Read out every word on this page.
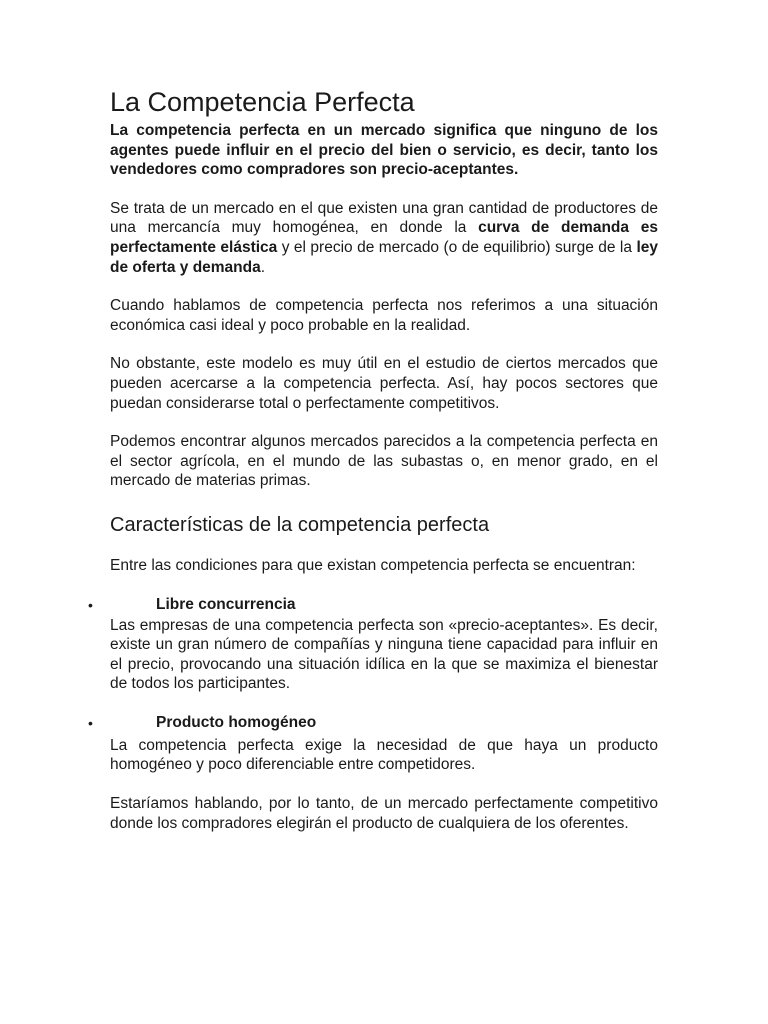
La Competencia Perfecta

La competencia perfecta en un mercado significa que ninguno de los agentes puede influir en el precio del bien o servicio, es decir, tanto los vendedores como compradores son precio-aceptantes.

Se trata de un mercado en el que existen una gran cantidad de productores de una mercancía muy homogénea, en donde la curva de demanda es perfectamente elástica y el precio de mercado (o de equilibrio) surge de la ley de oferta y demanda.

Cuando hablamos de competencia perfecta nos referimos a una situación económica casi ideal y poco probable en la realidad.

No obstante, este modelo es muy útil en el estudio de ciertos mercados que pueden acercarse a la competencia perfecta. Así, hay pocos sectores que puedan considerarse total o perfectamente competitivos.

Podemos encontrar algunos mercados parecidos a la competencia perfecta en el sector agrícola, en el mundo de las subastas o, en menor grado, en el mercado de materias primas.

Características de la competencia perfecta

Entre las condiciones para que existan competencia perfecta se encuentran:

•	Libre concurrencia

Las empresas de una competencia perfecta son «precio-aceptantes». Es decir, existe un gran número de compañías y ninguna tiene capacidad para influir en el precio, provocando una situación idílica en la que se maximiza el bienestar de todos los participantes.

•	Producto homogéneo

La competencia perfecta exige la necesidad de que haya un producto homogéneo y poco diferenciable entre competidores.

Estaríamos hablando, por lo tanto, de un mercado perfectamente competitivo donde los compradores elegirán el producto de cualquiera de los oferentes.
